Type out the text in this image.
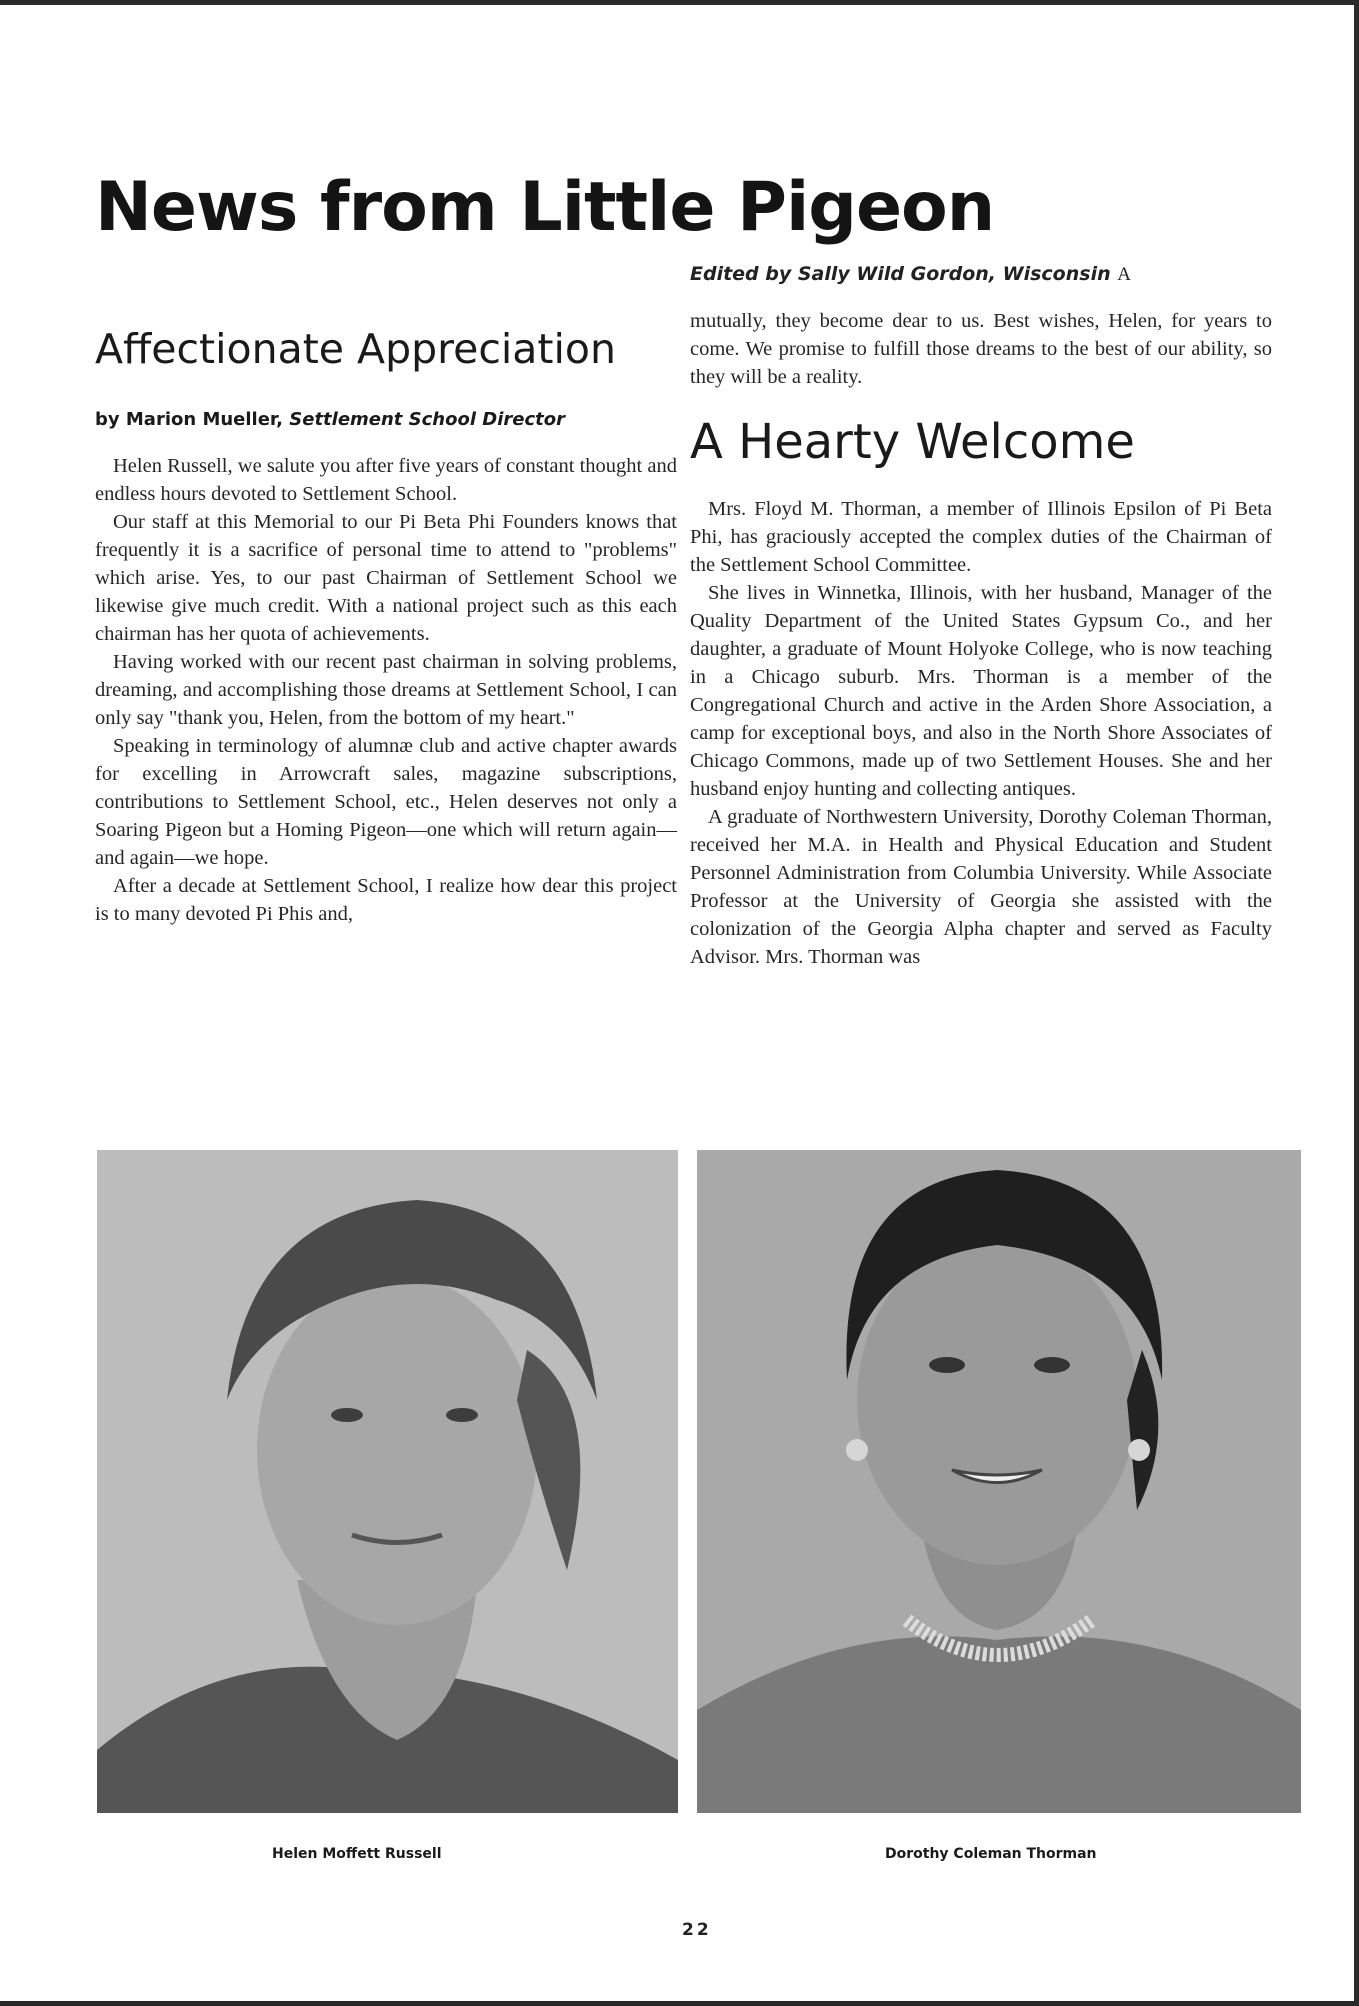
News from Little Pigeon
Edited by Sally Wild Gordon, Wisconsin A
Affectionate Appreciation
by Marion Mueller, Settlement School Director

Helen Russell, we salute you after five years of constant thought and endless hours devoted to Settlement School.

Our staff at this Memorial to our Pi Beta Phi Founders knows that frequently it is a sacrifice of personal time to attend to "problems" which arise. Yes, to our past Chairman of Settlement School we likewise give much credit. With a national project such as this each chairman has her quota of achievements.

Having worked with our recent past chairman in solving problems, dreaming, and accomplishing those dreams at Settlement School, I can only say "thank you, Helen, from the bottom of my heart."

Speaking in terminology of alumnæ club and active chapter awards for excelling in Arrowcraft sales, magazine subscriptions, contributions to Settlement School, etc., Helen deserves not only a Soaring Pigeon but a Homing Pigeon—one which will return again—and again—we hope.

After a decade at Settlement School, I realize how dear this project is to many devoted Pi Phis and,

mutually, they become dear to us. Best wishes, Helen, for years to come. We promise to fulfill those dreams to the best of our ability, so they will be a reality.

A Hearty Welcome

Mrs. Floyd M. Thorman, a member of Illinois Epsilon of Pi Beta Phi, has graciously accepted the complex duties of the Chairman of the Settlement School Committee.

She lives in Winnetka, Illinois, with her husband, Manager of the Quality Department of the United States Gypsum Co., and her daughter, a graduate of Mount Holyoke College, who is now teaching in a Chicago suburb. Mrs. Thorman is a member of the Congregational Church and active in the Arden Shore Association, a camp for exceptional boys, and also in the North Shore Associates of Chicago Commons, made up of two Settlement Houses. She and her husband enjoy hunting and collecting antiques.

A graduate of Northwestern University, Dorothy Coleman Thorman, received her M.A. in Health and Physical Education and Student Personnel Administration from Columbia University. While Associate Professor at the University of Georgia she assisted with the colonization of the Georgia Alpha chapter and served as Faculty Advisor. Mrs. Thorman was

Helen Moffett Russell	Dorothy Coleman Thorman
22
